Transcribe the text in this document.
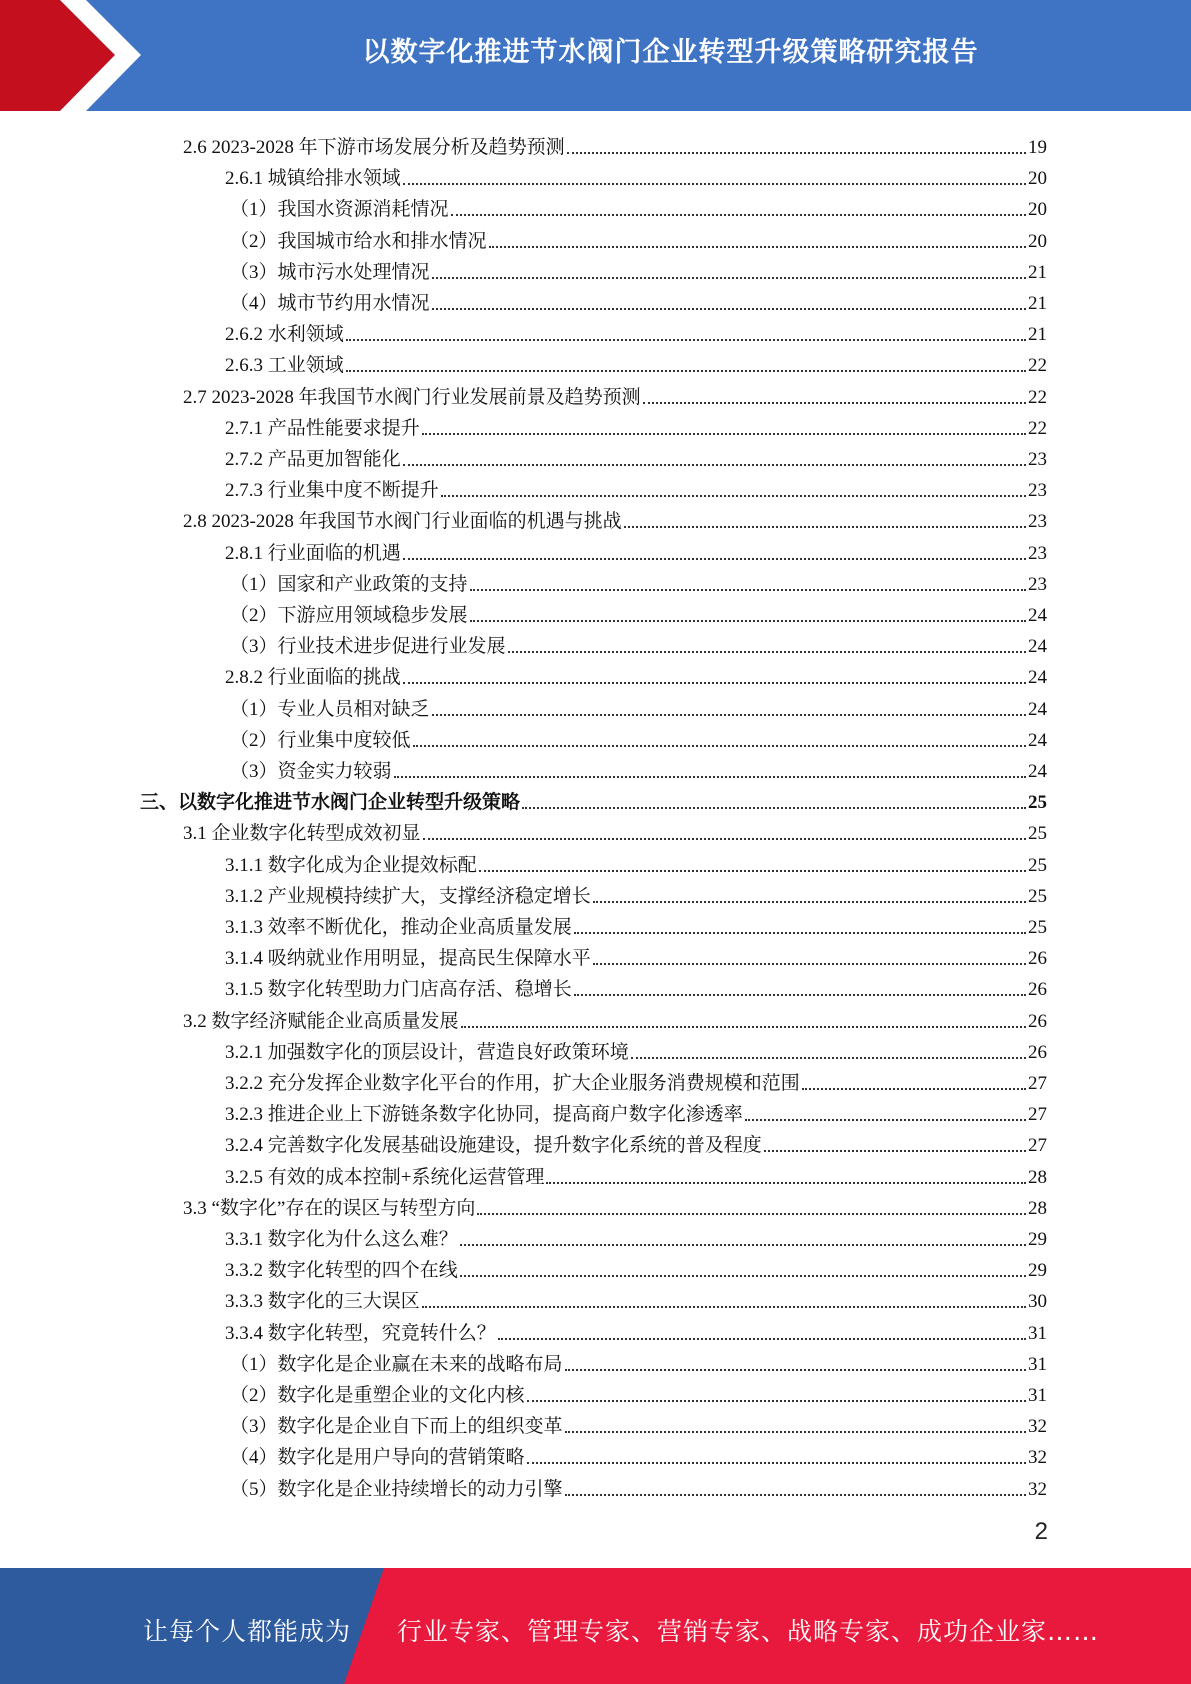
以数字化推进节水阀门企业转型升级策略研究报告
2.6 2023-2028 年下游市场发展分析及趋势预测	19
2.6.1 城镇给排水领域	20
（1）我国水资源消耗情况	20
（2）我国城市给水和排水情况	20
（3）城市污水处理情况	21
（4）城市节约用水情况	21
2.6.2 水利领域	21
2.6.3 工业领域	22
2.7 2023-2028 年我国节水阀门行业发展前景及趋势预测	22
2.7.1 产品性能要求提升	22
2.7.2 产品更加智能化	23
2.7.3 行业集中度不断提升	23
2.8 2023-2028 年我国节水阀门行业面临的机遇与挑战	23
2.8.1 行业面临的机遇	23
（1）国家和产业政策的支持	23
（2）下游应用领域稳步发展	24
（3）行业技术进步促进行业发展	24
2.8.2 行业面临的挑战	24
（1）专业人员相对缺乏	24
（2）行业集中度较低	24
（3）资金实力较弱	24
三、以数字化推进节水阀门企业转型升级策略	25
3.1 企业数字化转型成效初显	25
3.1.1 数字化成为企业提效标配	25
3.1.2 产业规模持续扩大，支撑经济稳定增长	25
3.1.3 效率不断优化，推动企业高质量发展	25
3.1.4 吸纳就业作用明显，提高民生保障水平	26
3.1.5 数字化转型助力门店高存活、稳增长	26
3.2 数字经济赋能企业高质量发展	26
3.2.1 加强数字化的顶层设计，营造良好政策环境	26
3.2.2 充分发挥企业数字化平台的作用，扩大企业服务消费规模和范围	27
3.2.3 推进企业上下游链条数字化协同，提高商户数字化渗透率	27
3.2.4 完善数字化发展基础设施建设，提升数字化系统的普及程度	27
3.2.5 有效的成本控制+系统化运营管理	28
3.3 “数字化”存在的误区与转型方向	28
3.3.1 数字化为什么这么难？	29
3.3.2 数字化转型的四个在线	29
3.3.3 数字化的三大误区	30
3.3.4 数字化转型，究竟转什么？	31
（1）数字化是企业赢在未来的战略布局	31
（2）数字化是重塑企业的文化内核	31
（3）数字化是企业自下而上的组织变革	32
（4）数字化是用户导向的营销策略	32
（5）数字化是企业持续增长的动力引擎	32
2
让每个人都能成为 行业专家、管理专家、营销专家、战略专家、成功企业家……
